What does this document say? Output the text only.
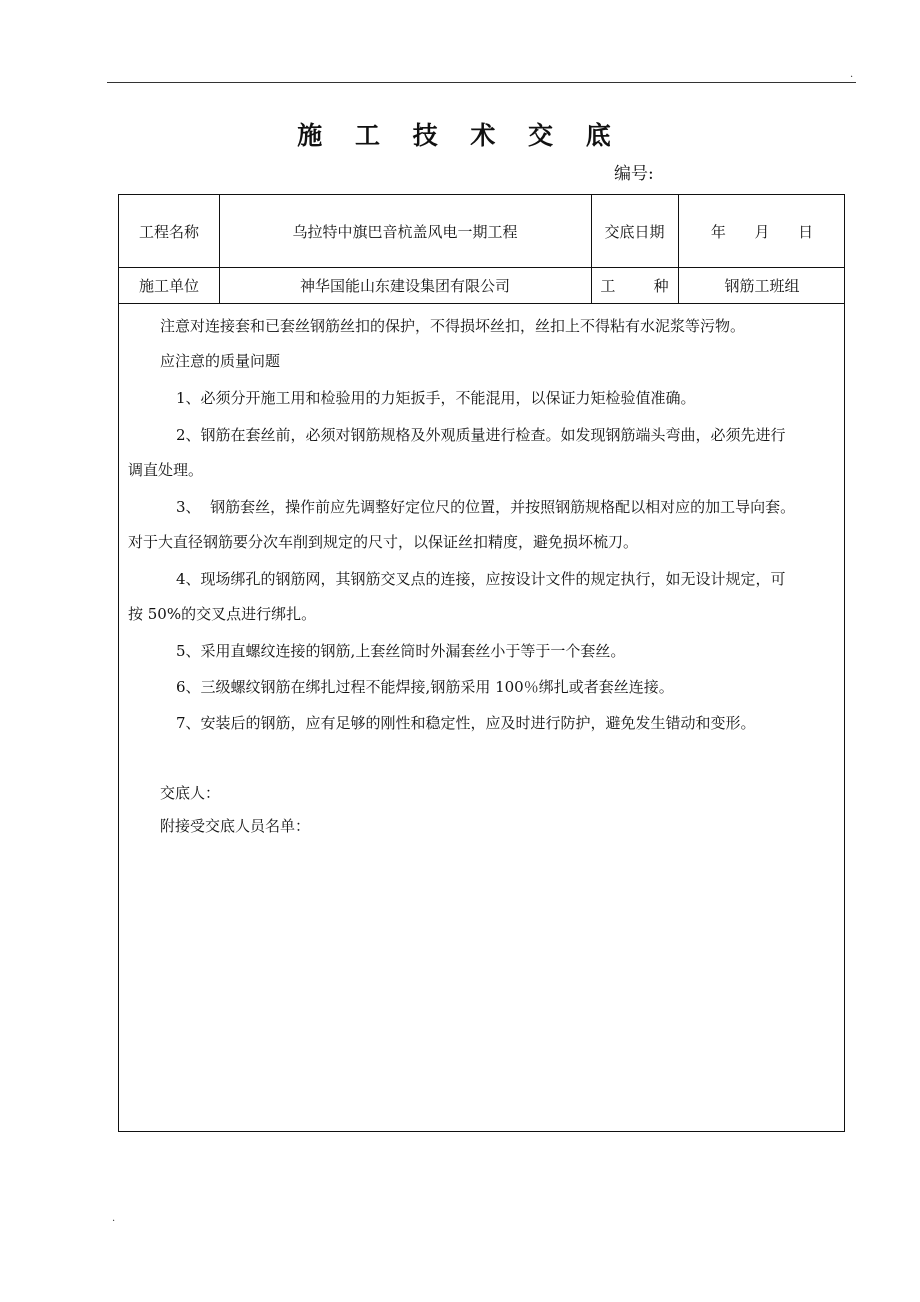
.
施 工 技 术 交 底
编号:
工程名称	乌拉特中旗巴音杭盖风电一期工程	交底日期	年      月      日
施工单位	神华国能山东建设集团有限公司	工        种	钢筋工班组
注意对连接套和已套丝钢筋丝扣的保护，不得损坏丝扣，丝扣上不得粘有水泥浆等污物。
应注意的质量问题
1、必须分开施工用和检验用的力矩扳手，不能混用，以保证力矩检验值准确。
2、钢筋在套丝前，必须对钢筋规格及外观质量进行检查。如发现钢筋端头弯曲，必须先进行
调直处理。
3、  钢筋套丝，操作前应先调整好定位尺的位置，并按照钢筋规格配以相对应的加工导向套。
对于大直径钢筋要分次车削到规定的尺寸，以保证丝扣精度，避免损坏梳刀。
4、现场绑孔的钢筋网，其钢筋交叉点的连接，应按设计文件的规定执行，如无设计规定，可
按 50%的交叉点进行绑扎。
5、采用直螺纹连接的钢筋,上套丝筒时外漏套丝小于等于一个套丝。
6、三级螺纹钢筋在绑扎过程不能焊接,钢筋采用 100％绑扎或者套丝连接。
7、安装后的钢筋，应有足够的刚性和稳定性，应及时进行防护，避免发生错动和变形。
交底人：
附接受交底人员名单：
.
